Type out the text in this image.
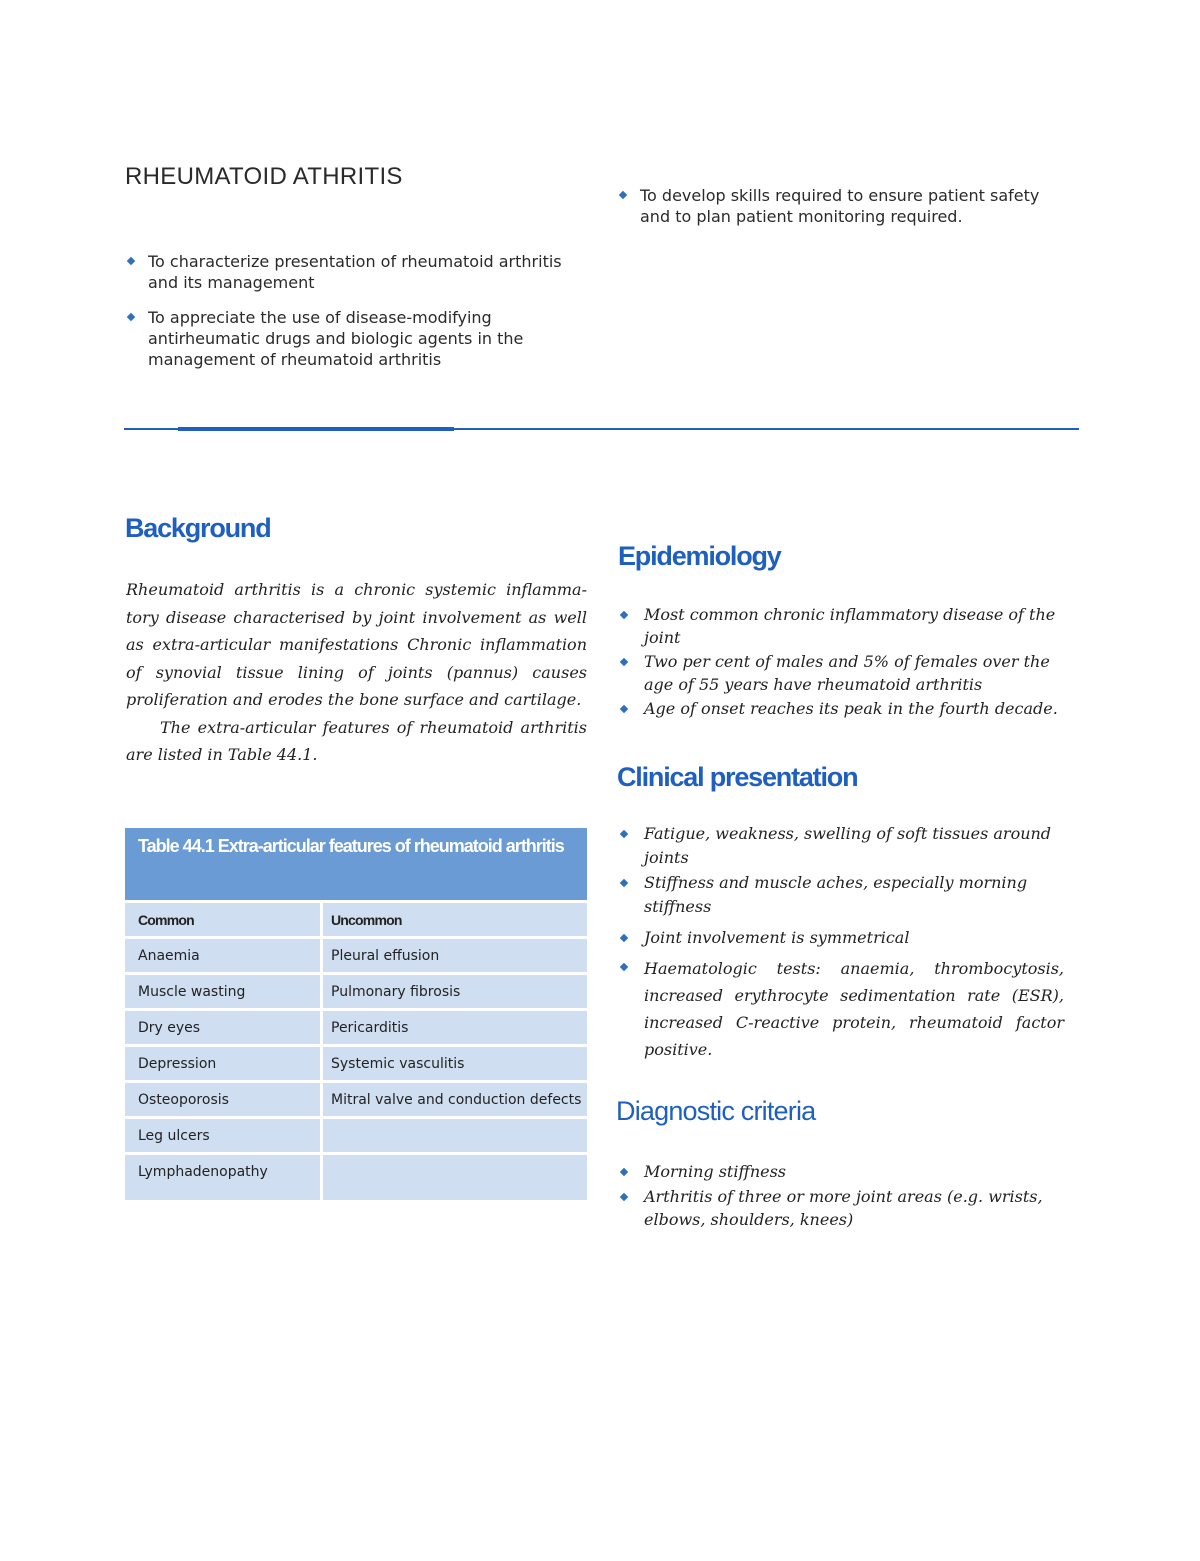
RHEUMATOID ATHRITIS
To characterize presentation of rheumatoid arthritis and its management
To appreciate the use of disease-modifying antirheumatic drugs and biologic agents in the management of rheumatoid arthritis
To develop skills required to ensure patient safety and to plan patient monitoring required.
Background

Rheumatoid arthritis is a chronic systemic inflamma-tory disease characterised by joint involvement as well as extra-articular manifestations Chronic inflammation of synovial tissue lining of joints (pannus) causes proliferation and erodes the bone surface and cartilage.

The extra-articular features of rheumatoid arthritis are listed in Table 44.1.

Table 44.1 Extra-articular features of rheumatoid arthritis
Common	Uncommon
Anaemia	Pleural effusion
Muscle wasting	Pulmonary fibrosis
Dry eyes	Pericarditis
Depression	Systemic vasculitis
Osteoporosis	Mitral valve and conduction defects
Leg ulcers	
Lymphadenopathy	
Epidemiology
Most common chronic inflammatory disease of the joint
Two per cent of males and 5% of females over the age of 55 years have rheumatoid arthritis
Age of onset reaches its peak in the fourth decade.
Clinical presentation
Fatigue, weakness, swelling of soft tissues around joints
Stiffness and muscle aches, especially morning stiffness
Joint involvement is symmetrical
Haematologic tests: anaemia, thrombocytosis, increased erythrocyte sedimentation rate (ESR), increased C-reactive protein, rheumatoid factor positive.
Diagnostic criteria
Morning stiffness
Arthritis of three or more joint areas (e.g. wrists, elbows, shoulders, knees)
